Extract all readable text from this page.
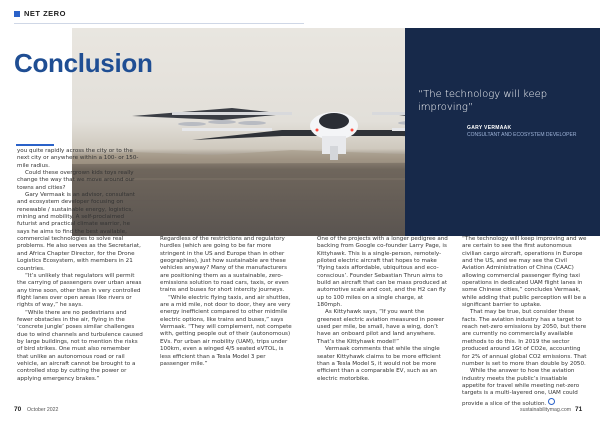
NET ZERO
“The technology will keep improving”
GARY VERMAAK
CONSULTANT AND ECOSYSTEM DEVELOPER
Conclusion

you quite rapidly across the city or to the next city or anywhere within a 100- or 150-mile radius.

Could these overgrown kids toys really change the way that we move around our towns and cities?

Gary Vermaak is an advisor, consultant and ecosystem developer focusing on renewable / sustainable energy, logistics, mining and mobility. A self-proclaimed futurist and practical climate warrior, he says he aims to find the best available, commercial technologies to solve real problems. He also serves as the Secretariat, and Africa Chapter Director, for the Drone Logistics Ecosystem, with members in 21 countries.

“It’s unlikely that regulators will permit the carrying of passengers over urban areas any time soon, other than in very controlled flight lanes over open areas like rivers or rights of way,” he says.

“While there are no pedestrians and fewer obstacles in the air, flying in the ‘concrete jungle’ poses similar challenges due to wind channels and turbulence caused by large buildings, not to mention the risks of bird strikes. One must also remember that unlike an autonomous road or rail vehicle, an aircraft cannot be brought to a controlled stop by cutting the power or applying emergency brakes.”

Regardless of the restrictions and regulatory hurdles (which are going to be far more stringent in the US and Europe than in other geographies), just how sustainable are these vehicles anyway? Many of the manufacturers are positioning them as a sustainable, zero-emissions solution to road cars, taxis, or even trains and buses for short intercity journeys.

“While electric flying taxis, and air shuttles, are a mid mile, not door to door, they are very energy inefficient compared to other midmile electric options, like trains and buses,” says Vermaak. “They will complement, not compete with, getting people out of their (autonomous) EVs. For urban air mobility (UAM), trips under 100km, even a winged 4/5 seated eVTOL, is less efficient than a Tesla Model 3 per passenger mile.”

One of the projects with a longer pedigree and backing from Google co-founder Larry Page, is Kittyhawk. This is a single-person, remotely-piloted electric aircraft that hopes to make ‘flying taxis affordable, ubiquitous and eco-conscious’. Founder Sebastian Thrun aims to build an aircraft that can be mass produced at automotive scale and cost, and the H2 can fly up to 100 miles on a single charge, at 180mph.

As Kittyhawk says, “If you want the greenest electric aviation measured in power used per mile, be small, have a wing, don’t have an onboard pilot and land anywhere. That’s the Kittyhawk model!”

Vermaak comments that while the single seater Kittyhawk claims to be more efficient than a Tesla Model S, it would not be more efficient than a comparable EV, such as an electric motorbike.

“The technology will keep improving and we are certain to see the first autonomous civilian cargo aircraft, operations in Europe and the US, and we may see the Civil Aviation Administration of China (CAAC) allowing commercial passenger flying taxi operations in dedicated UAM flight lanes in some Chinese cities,” concludes Vermaak, while adding that public perception will be a significant barrier to uptake.

That may be true, but consider these facts. The aviation industry has a target to reach net-zero emissions by 2050, but there are currently no commercially available methods to do this. In 2019 the sector produced around 1Gt of CO2e, accounting for 2% of annual global CO2 emissions. That number is set to more than double by 2050.

While the answer to how the aviation industry meets the public’s insatiable appetite for travel while meeting net-zero targets is a multi-layered one, UAM could provide a slice of the solution.

70 October 2022	sustainabilitymag.com 71
